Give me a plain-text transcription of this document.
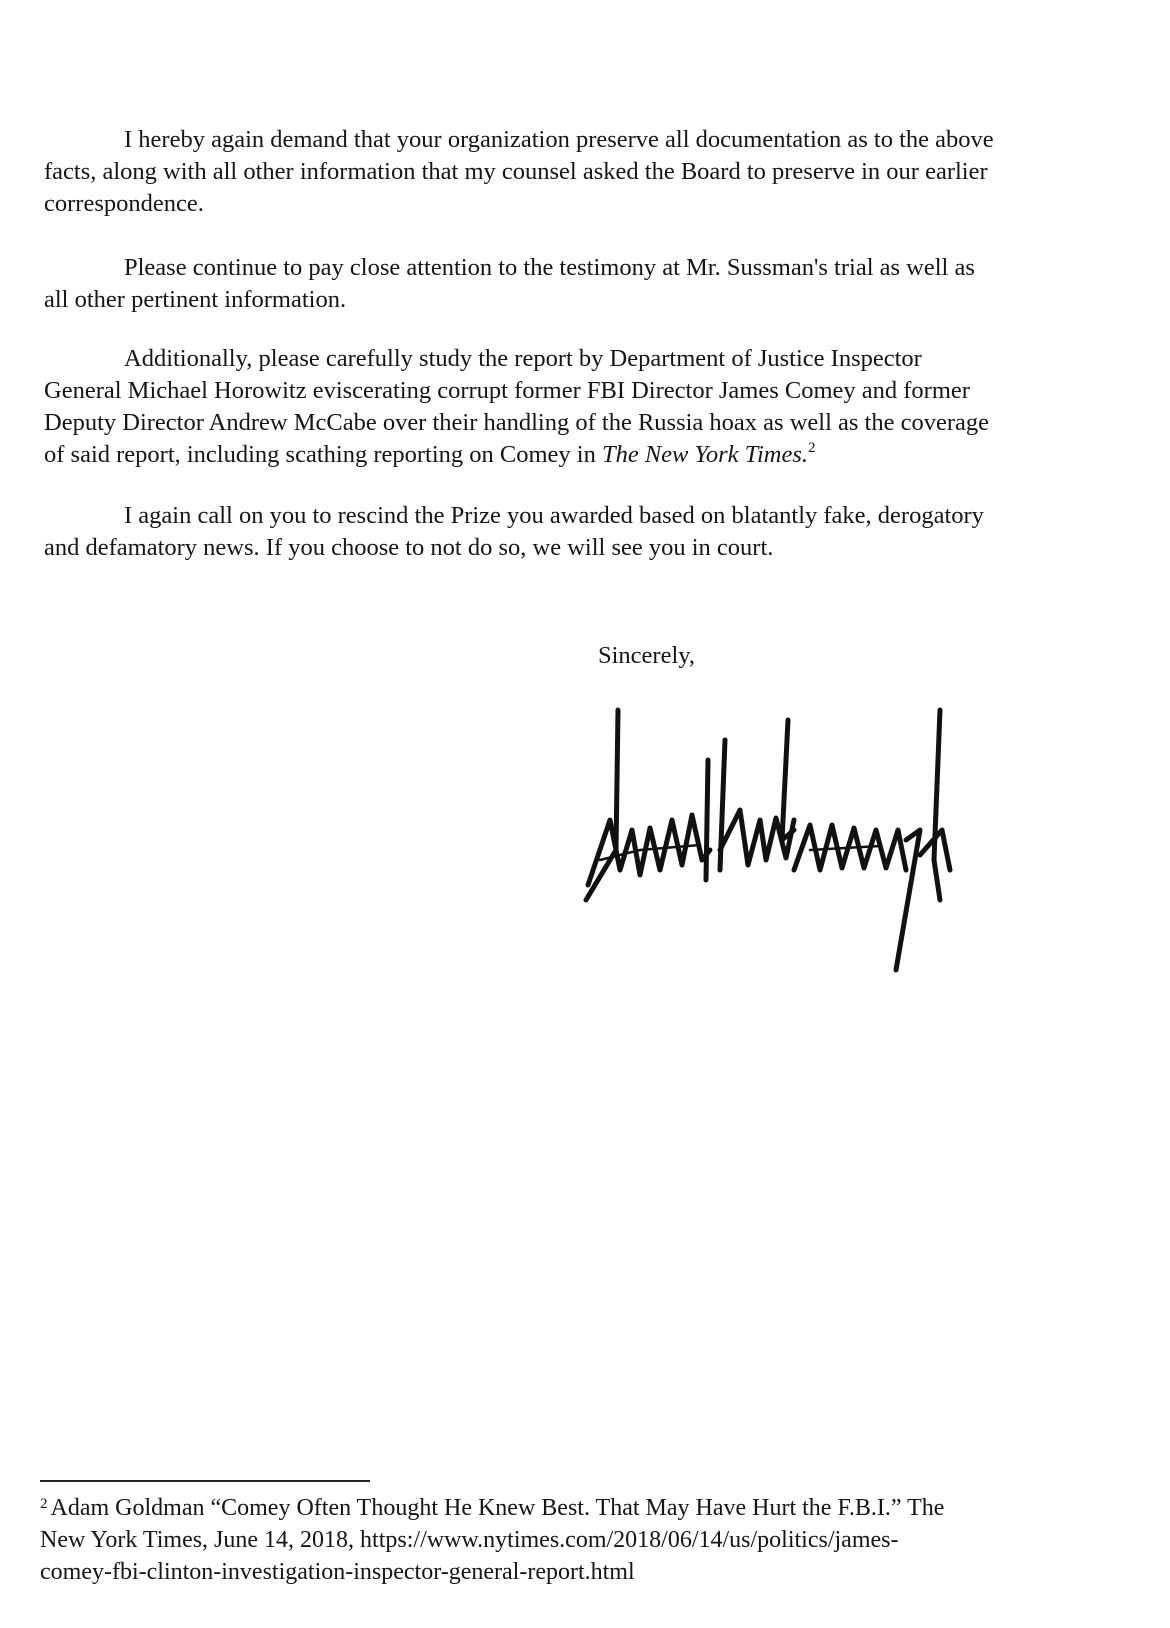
I hereby again demand that your organization preserve all documentation as to the above
facts, along with all other information that my counsel asked the Board to preserve in our earlier
correspondence.
Please continue to pay close attention to the testimony at Mr. Sussman's trial as well as
all other pertinent information.
Additionally, please carefully study the report by Department of Justice Inspector
General Michael Horowitz eviscerating corrupt former FBI Director James Comey and former
Deputy Director Andrew McCabe over their handling of the Russia hoax as well as the coverage
of said report, including scathing reporting on Comey in The New York Times.$^2$
I again call on you to rescind the Prize you awarded based on blatantly fake, derogatory
and defamatory news. If you choose to not do so, we will see you in court.
Sincerely,
$^2$ Adam Goldman “Comey Often Thought He Knew Best. That May Have Hurt the F.B.I.” The
New York Times, June 14, 2018, https://www.nytimes.com/2018/06/14/us/politics/james-
comey-fbi-clinton-investigation-inspector-general-report.html
